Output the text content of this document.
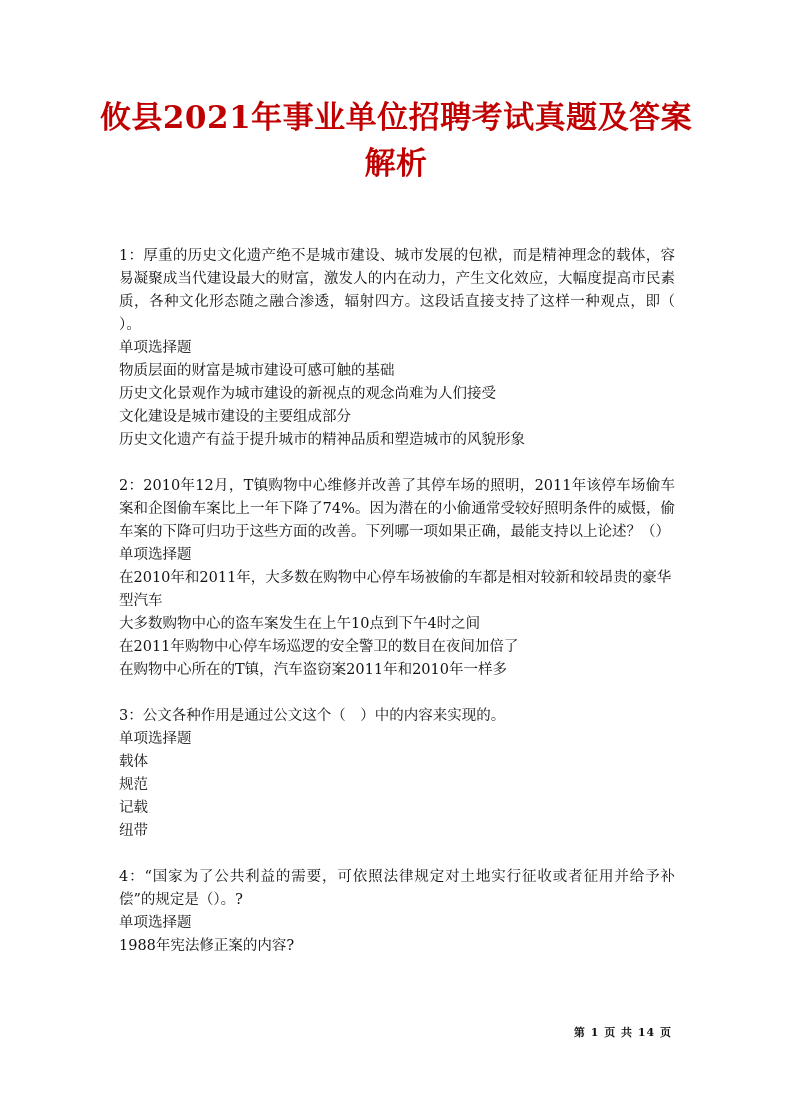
攸县2021年事业单位招聘考试真题及答案
解析

1：厚重的历史文化遗产绝不是城市建设、城市发展的包袱，而是精神理念的载体，容易凝聚成当代建设最大的财富，激发人的内在动力，产生文化效应，大幅度提高市民素质，各种文化形态随之融合渗透，辐射四方。这段话直接支持了这样一种观点，即（ ）。

单项选择题

物质层面的财富是城市建设可感可触的基础

历史文化景观作为城市建设的新视点的观念尚难为人们接受

文化建设是城市建设的主要组成部分

历史文化遗产有益于提升城市的精神品质和塑造城市的风貌形象

2：2010年12月，T镇购物中心维修并改善了其停车场的照明，2011年该停车场偷车案和企图偷车案比上一年下降了74%。因为潜在的小偷通常受较好照明条件的威慑，偷车案的下降可归功于这些方面的改善。下列哪一项如果正确，最能支持以上论述？（）

单项选择题

在2010年和2011年，大多数在购物中心停车场被偷的车都是相对较新和较昂贵的豪华型汽车

大多数购物中心的盗车案发生在上午10点到下午4时之间

在2011年购物中心停车场巡逻的安全警卫的数目在夜间加倍了

在购物中心所在的T镇，汽车盗窃案2011年和2010年一样多

3：公文各种作用是通过公文这个（　）中的内容来实现的。

单项选择题

载体

规范

记载

纽带

4：“国家为了公共利益的需要，可依照法律规定对土地实行征收或者征用并给予补偿”的规定是（）。?

单项选择题

1988年宪法修正案的内容?

第 1 页 共 14 页
